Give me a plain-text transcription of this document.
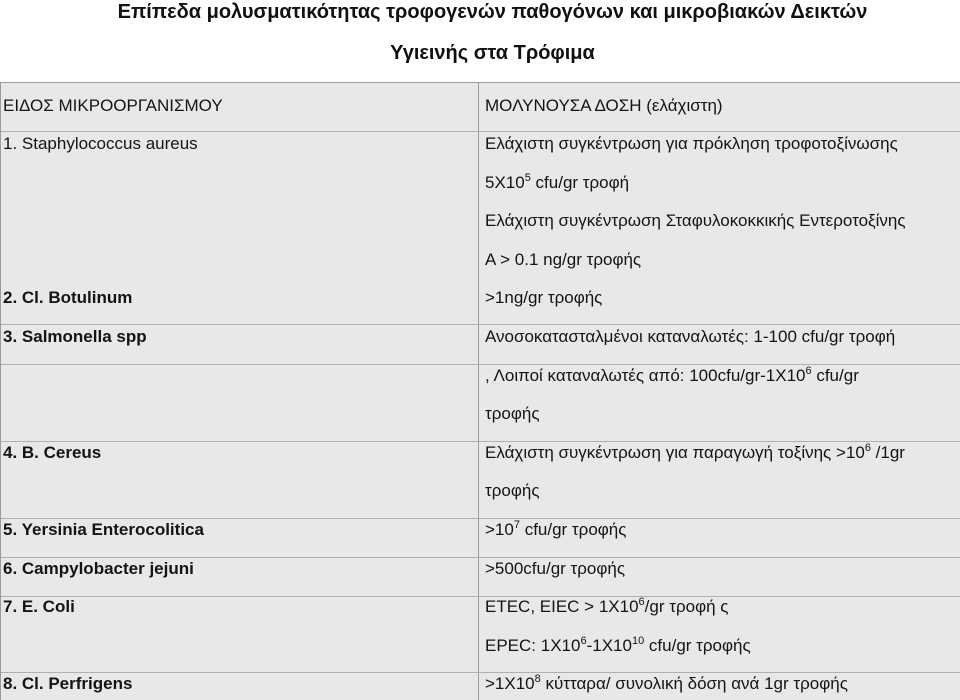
Επίπεδα μολυσματικότητας τροφογενών παθογόνων και μικροβιακών Δεικτών
Υγιεινής στα Τρόφιμα
ΕΙΔΟΣ ΜΙΚΡΟΟΡΓΑΝΙΣΜΟΥ	ΜΟΛΥΝΟΥΣΑ ΔΟΣΗ (ελάχιστη)
1. Staphylococcus aureus	Ελάχιστη συγκέντρωση για πρόκληση τροφοτοξίνωσης
$5X10^5$ cfu/gr τροφή
Ελάχιστη συγκέντρωση Σταφυλοκοκκικής Εντεροτοξίνης
Α > 0.1 ng/gr τροφής
2. Cl. Botulinum	>1ng/gr τροφής
3. Salmonella spp	Ανοσοκατασταλμένοι καταναλωτές: 1-100 cfu/gr τροφή
, Λοιποί καταναλωτές από: $100cfu/gr-1X10^6$ cfu/gr
τροφής
4. B. Cereus	Ελάχιστη συγκέντρωση για παραγωγή $\tau o\xi ί\nu\eta\varsigma >10^6$ /1gr
τροφής
5. Yersinia Enterocolitica	$>10^7$ cfu/gr τροφής
6. Campylobacter jejuni	>500cfu/gr τροφής
7. E. Coli	ETEC, EIEC > $1X10^6/gr$ τροφή ς
EPEC: $1X10^6-1X10^{10}$ cfu/gr τροφής
8. Cl. Perfrigens	$>1X10^8$ κύτταρα/ συνολική δόση ανά 1gr τροφής
